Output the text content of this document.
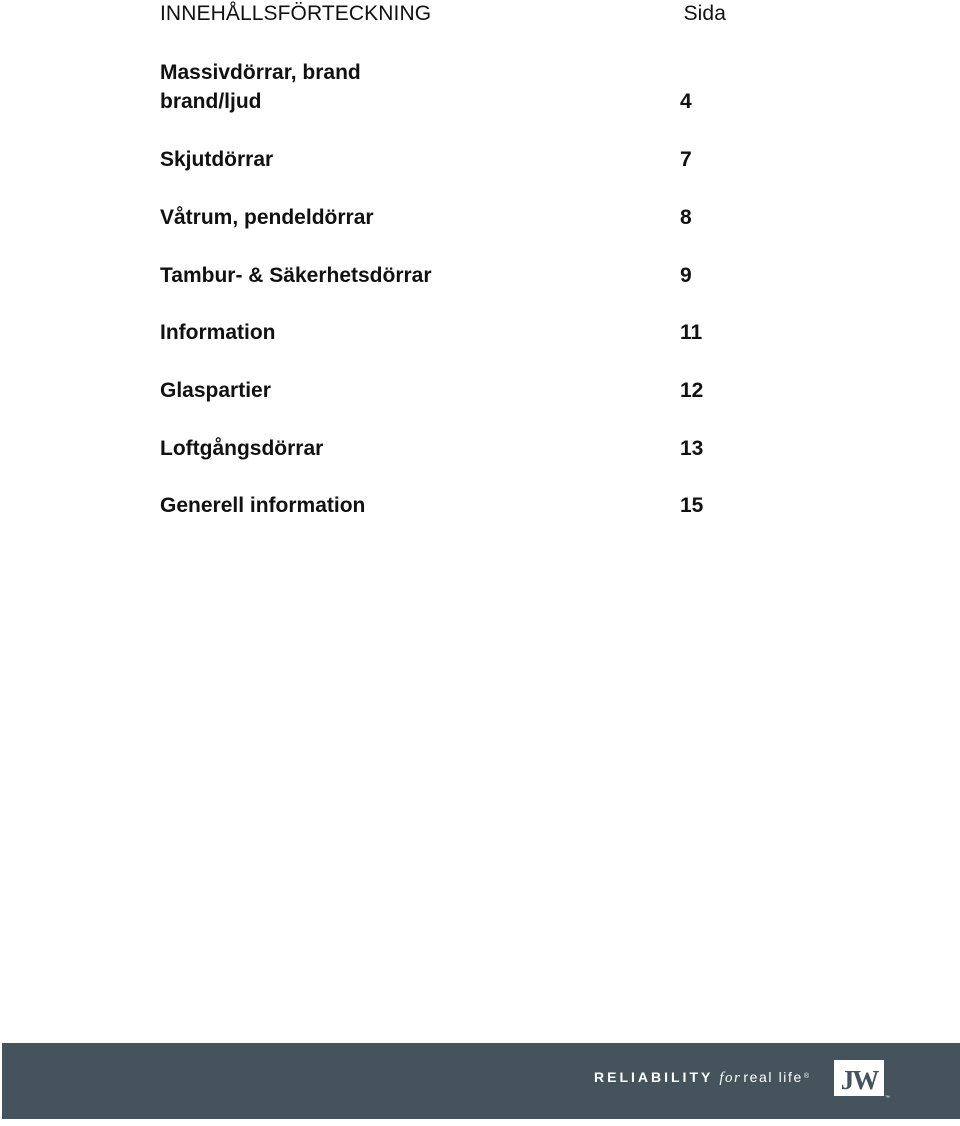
INNEHÅLLSFÖRTECKNING	Sida
Massivdörrar, brand
brand/ljud	4
Skjutdörrar	7
Våtrum, pendeldörrar	8
Tambur- & Säkerhetsdörrar	9
Information	11
Glaspartier	12
Loftgångsdörrar	13
Generell information	15
RELIABILITY for real life® JW
™
